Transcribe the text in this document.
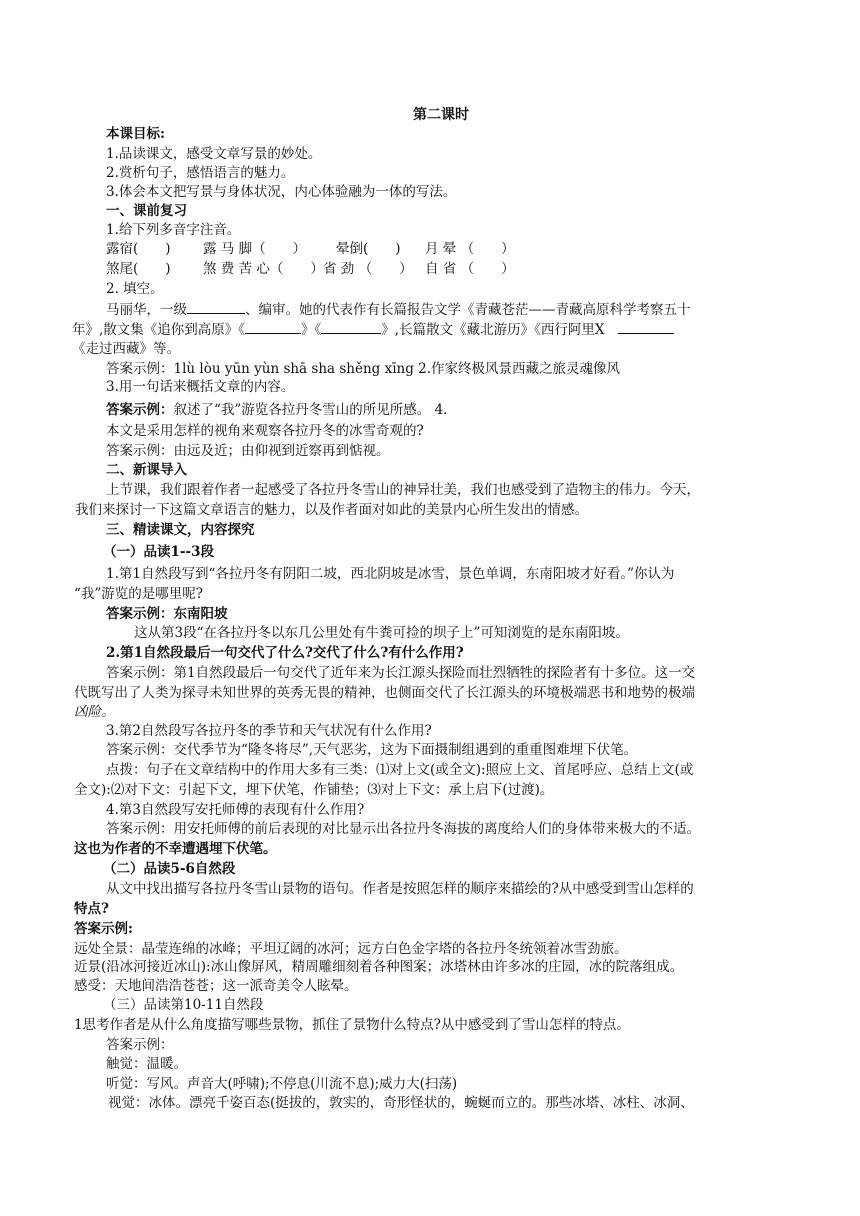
第二课时
本课目标:
1.品读课文，感受文章写景的妙处。
2.赏析句子，感悟语言的魅力。
3.体会本文把写景与身体状况，内心体验融为一体的写法。
一、课前复习
1.给下列多音字注音。
露宿(　　) 露 马 脚（　　） 晕倒(　　) 月 晕 （　　）
煞尾(　　) 煞 费 苦 心（　　） 省 劲 （　　） 自 省 （　　）
2. 填空。
马丽华，一级	、编审。她的代表作有长篇报告文学《青藏苍茫——青藏高原科学考察五十
年》,散文集《追你到高原》《	》《	》,长篇散文《藏北游历》《西行阿里X
《走过西藏》等。
答案示例：1lù lòu yūn yùn shā sha shěng xīng 2.作家终极风景西藏之旅灵魂像风
3.用一句话来概括文章的内容。
答案示例：叙述了“我”游览各拉丹冬雪山的所见所感。 4.
本文是采用怎样的视角来观察各拉丹冬的冰雪奇观的?
答案示例：由远及近；由仰视到近察再到惦视。
二、新课导入
上节课，我们跟着作者一起感受了各拉丹冬雪山的神异壮美，我们也感受到了造物主的伟力。今天，
我们来探讨一下这篇文章语言的魅力，以及作者面对如此的美景内心所生发出的情感。
三、精读课文，内容探究
（一）品读1--3段
1.第1自然段写到“各拉丹冬有阴阳二坡，西北阴坡是冰雪，景色单调，东南阳坡才好看。”你认为
“我”游览的是哪里呢?
答案示例：东南阳坡
这从第3段“在各拉丹冬以东几公里处有牛粪可捡的坝子上”可知浏览的是东南阳坡。
2.第1自然段最后一句交代了什么?交代了什么?有什么作用?
答案示例：第1自然段最后一句交代了近年来为长江源头探险而壮烈牺牲的探险者有十多位。这一交
代既写出了人类为探寻未知世界的英秀无畏的精神，也侧面交代了长江源头的环境极端恶书和地势的极端
凶险。
3.第2自然段写各拉丹冬的季节和天气状况有什么作用?
答案示例：交代季节为“隆冬将尽”,天气恶劣，这为下面摄制组遇到的重重图难埋下伏笔。
点拨：句子在文章结构中的作用大多有三类：⑴对上文(或全文):照应上文、首尾呼应、总结上文(或
全文):⑵对下文：引起下文，埋下伏笔，作铺垫；⑶对上下文：承上启下(过渡)。
4.第3自然段写安托师傅的表现有什么作用?
答案示例：用安托师傅的前后表现的对比显示出各拉丹冬海拔的离度给人们的身体带来极大的不适。
这也为作者的不幸遭遇埋下伏笔。
（二）品读5-6自然段
从文中找出描写各拉丹冬雪山景物的语句。作者是按照怎样的顺序来描绘的?从中感受到雪山怎样的
特点?
答案示例:
远处全景：晶莹连绵的冰峰；平坦辽阔的冰河；远方白色金字塔的各拉丹冬统领着冰雪劲旅。
近景(沿冰河接近冰山):冰山像屏风，精周雕细刻着各种图案；冰塔林由许多冰的庄园，冰的院落组成。
感受：天地间浩浩苍苍；这一派奇美令人眩晕。
（三）品读第10-11自然段
1思考作者是从什么角度描写哪些景物，抓住了景物什么特点?从中感受到了雪山怎样的特点。
答案示例：
触觉：温暖。
听觉：写风。声音大(呼啸);不停息(川流不息);威力大(扫荡)
视觉：冰体。漂亮千姿百态(挺拔的，敦实的，奇形怪状的，蜿蜒而立的。那些冰塔、冰柱、冰洞、
